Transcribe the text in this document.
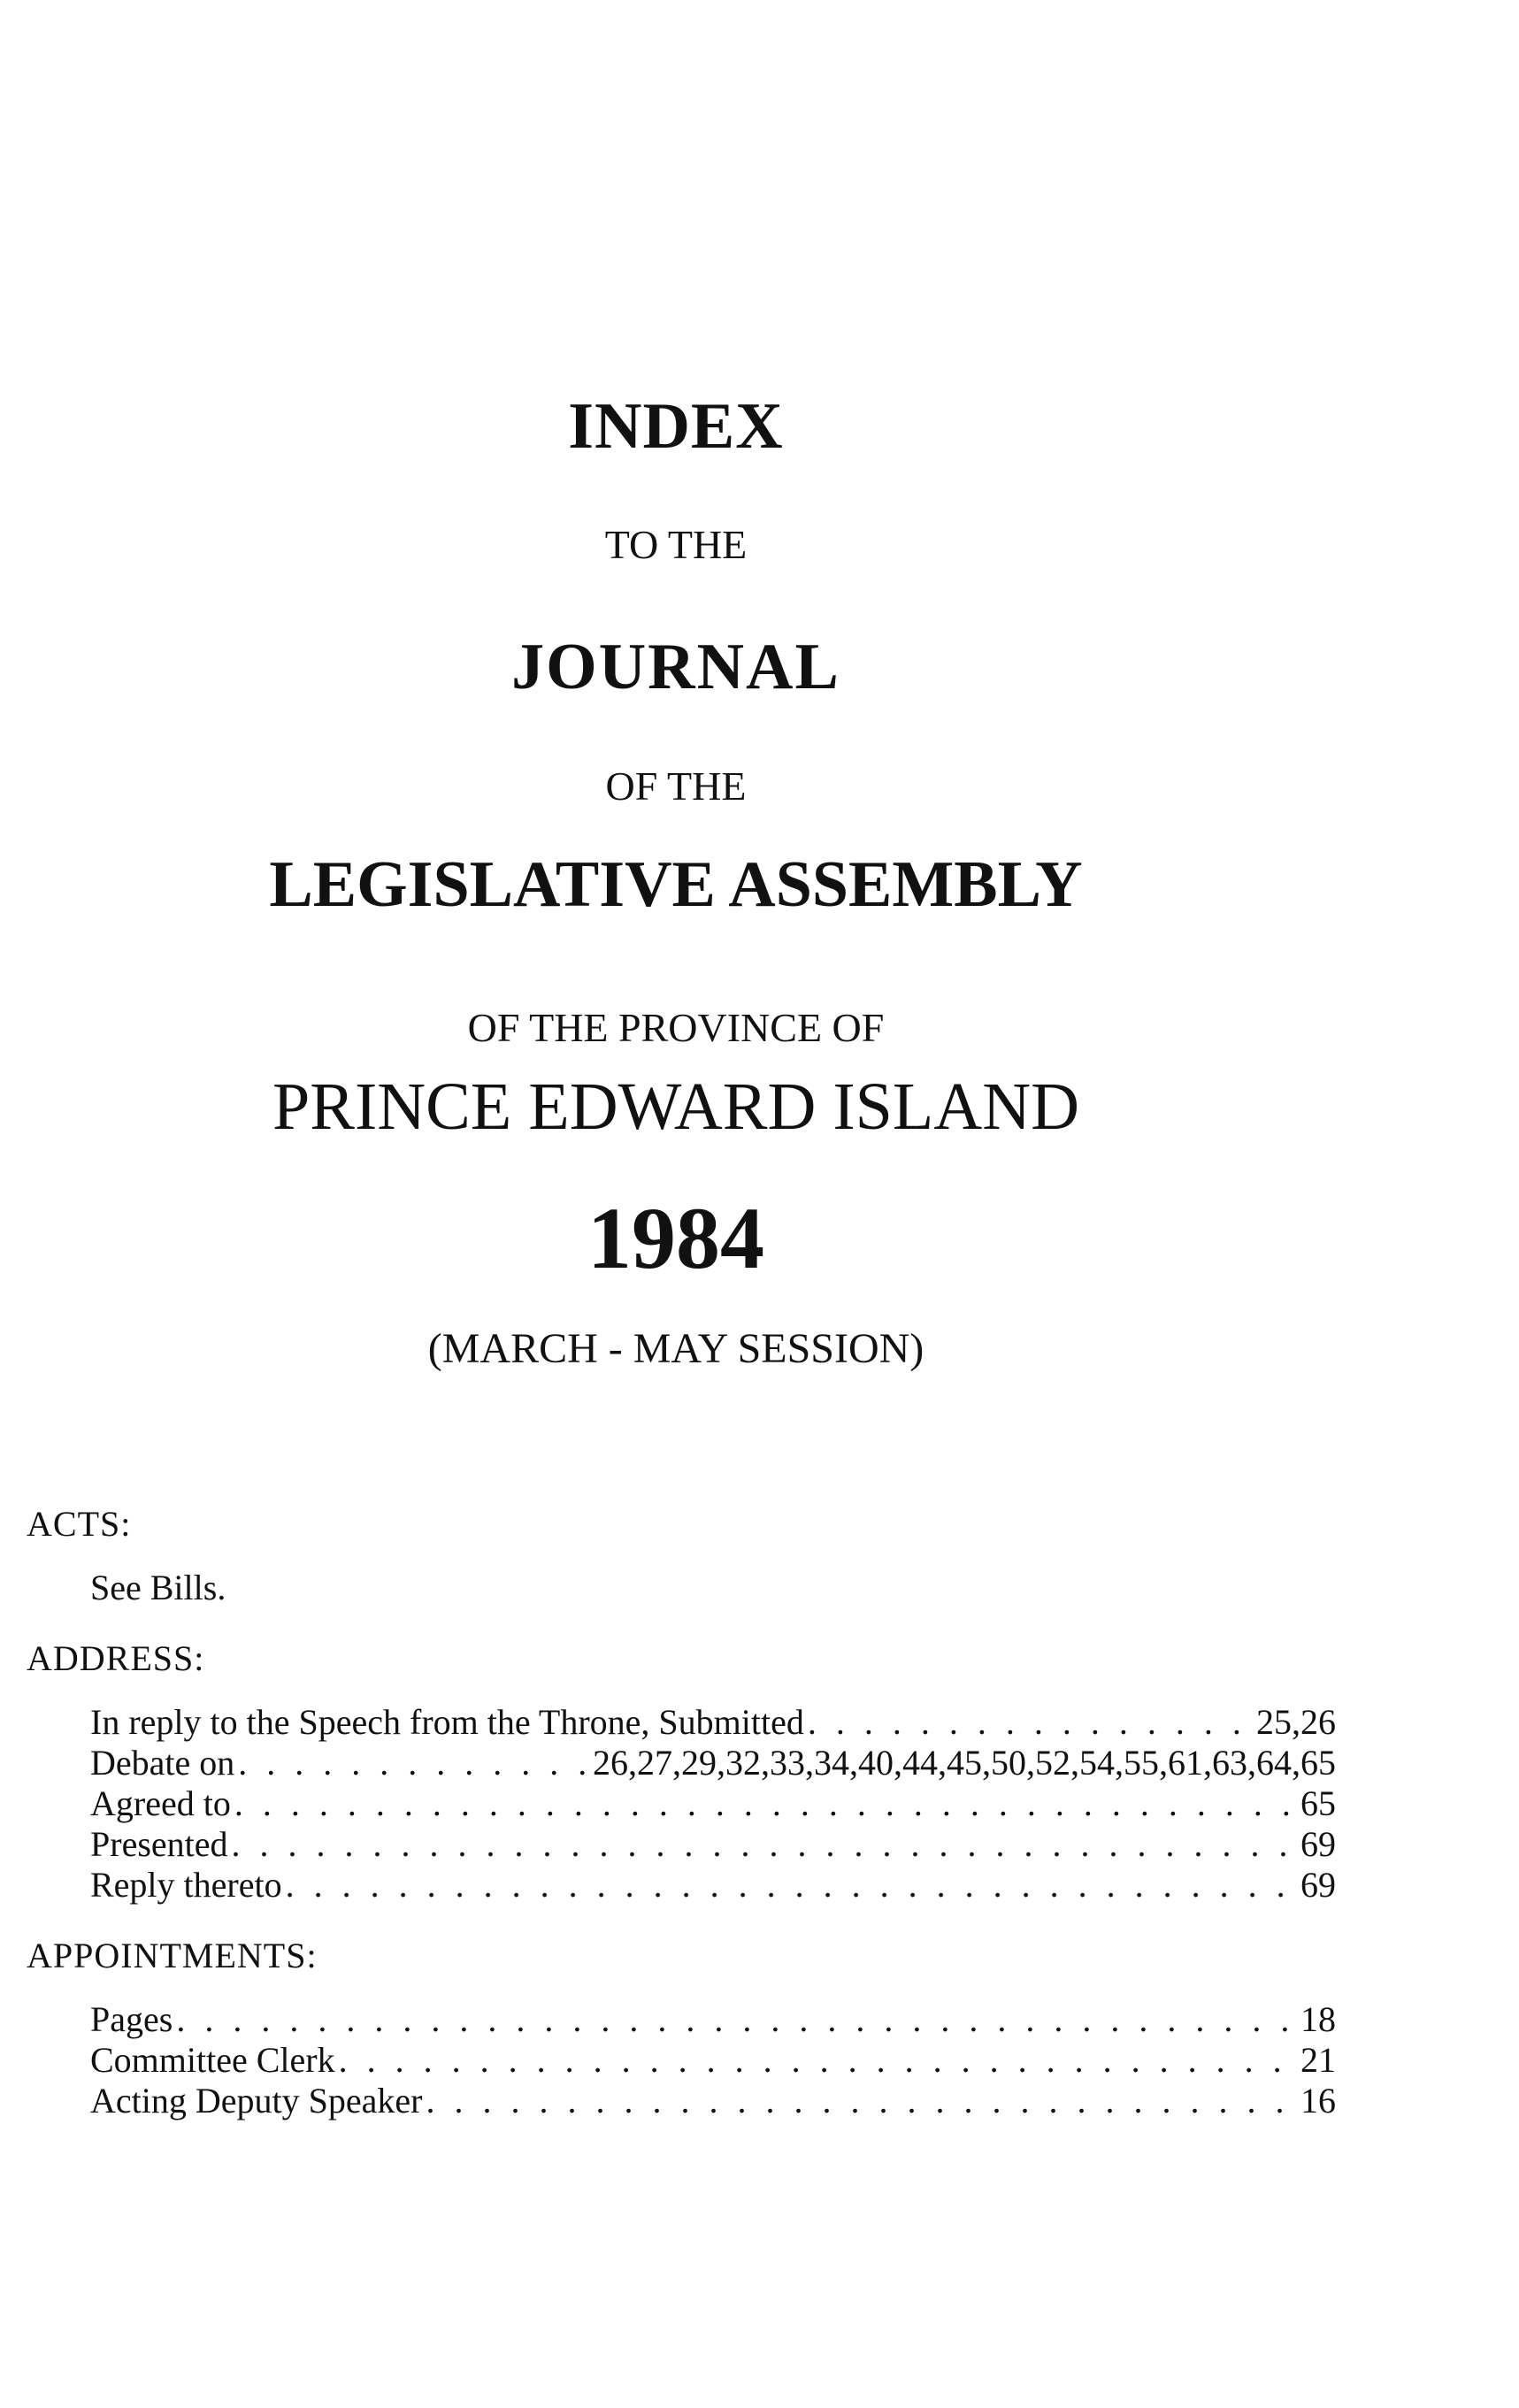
INDEX
TO THE
JOURNAL
OF THE
LEGISLATIVE ASSEMBLY
OF THE PROVINCE OF
PRINCE EDWARD ISLAND
1984
(MARCH - MAY SESSION)
ACTS:
See Bills.
ADDRESS:
In reply to the Speech from the Throne, Submitted . . .	25,26
Debate on . . .	26,27,29,32,33,34,40,44,45,50,52,54,55,61,63,64,65
Agreed to . . .	65
Presented . . .	69
Reply thereto . . .	69
APPOINTMENTS:
Pages . . .	18
Committee Clerk . . .	21
Acting Deputy Speaker . . .	16
